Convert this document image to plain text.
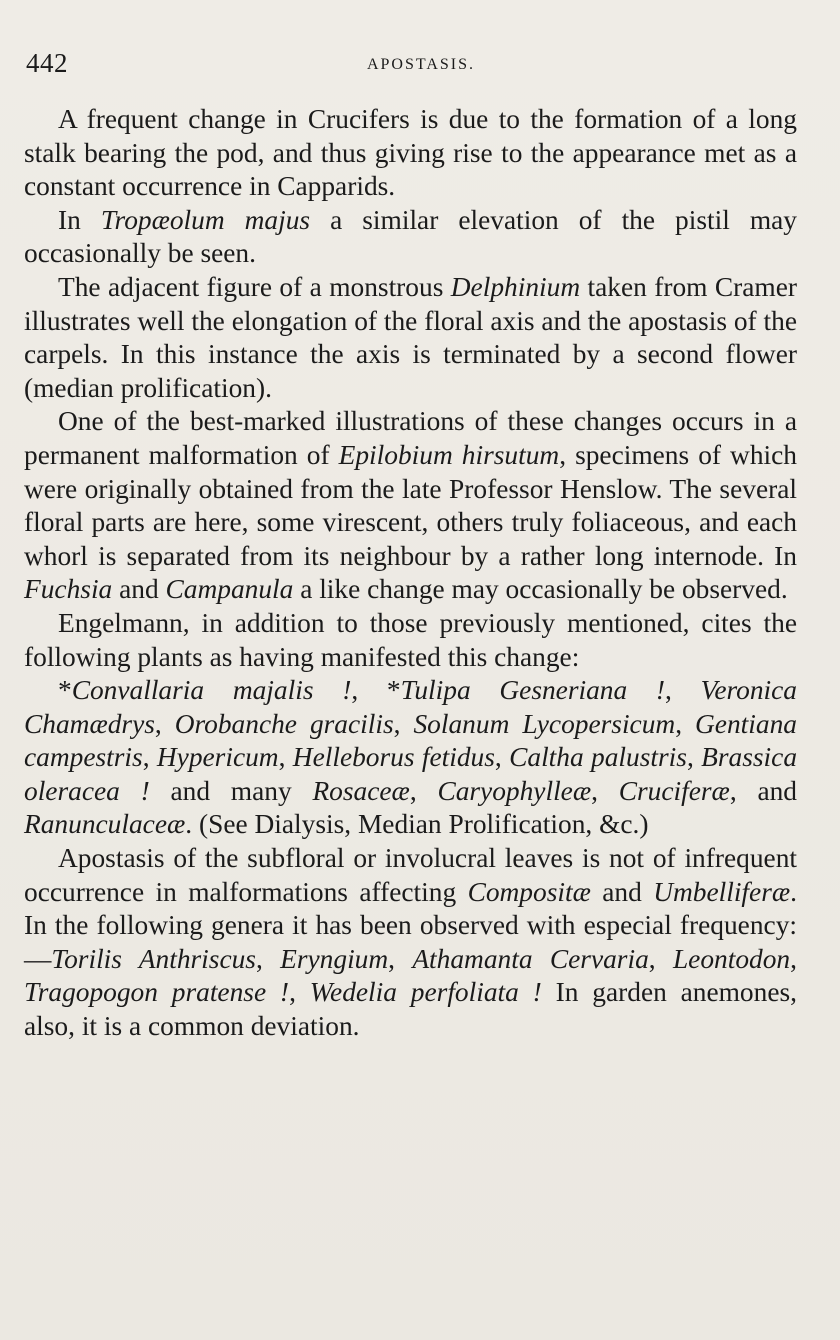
442	APOSTASIS.

A frequent change in Crucifers is due to the formation of a long stalk bearing the pod, and thus giving rise to the appearance met as a constant occurrence in Capparids.

In Tropæolum majus a similar elevation of the pistil may occasionally be seen.

The adjacent figure of a monstrous Delphinium taken from Cramer illustrates well the elongation of the floral axis and the apostasis of the carpels. In this instance the axis is terminated by a second flower (median prolification).

One of the best-marked illustrations of these changes occurs in a permanent malformation of Epilobium hirsutum, specimens of which were originally obtained from the late Professor Henslow. The several floral parts are here, some virescent, others truly foliaceous, and each whorl is separated from its neighbour by a rather long internode. In Fuchsia and Campanula a like change may occasionally be observed.

Engelmann, in addition to those previously mentioned, cites the following plants as having manifested this change:

*Convallaria majalis !, *Tulipa Gesneriana !, Veronica Chamædrys, Orobanche gracilis, Solanum Lycopersicum, Gentiana campestris, Hypericum, Helleborus fetidus, Caltha palustris, Brassica oleracea ! and many Rosaceæ, Caryophylleæ, Cruciferæ, and Ranunculaceæ. (See Dialysis, Median Prolification, &c.)

Apostasis of the subfloral or involucral leaves is not of infrequent occurrence in malformations affecting Compositæ and Umbelliferæ. In the following genera it has been observed with especial frequency:—Torilis Anthriscus, Eryngium, Athamanta Cervaria, Leontodon, Tragopogon pratense !, Wedelia perfoliata ! In garden anemones, also, it is a common deviation.
